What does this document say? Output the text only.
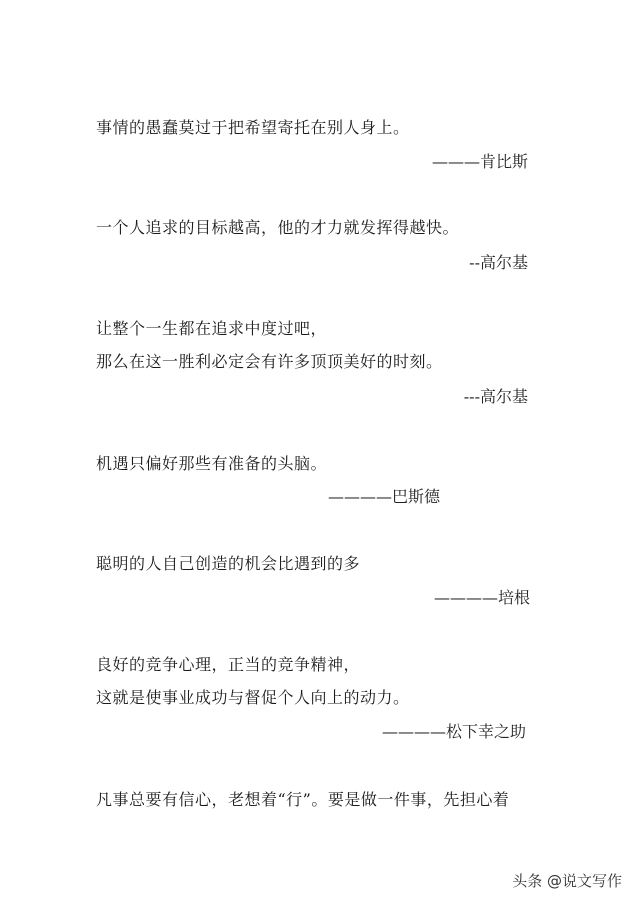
事情的愚蠢莫过于把希望寄托在别人身上。
———肯比斯
一个人追求的目标越高，他的才力就发挥得越快。
--高尔基
让整个一生都在追求中度过吧，
那么在这一胜利必定会有许多顶顶美好的时刻。
---高尔基
机遇只偏好那些有准备的头脑。
————巴斯德
聪明的人自己创造的机会比遇到的多
————培根
良好的竞争心理，正当的竞争精神，
这就是使事业成功与督促个人向上的动力。
————松下幸之助
凡事总要有信心，老想着“行”。要是做一件事，先担心着
头条 @说文写作
